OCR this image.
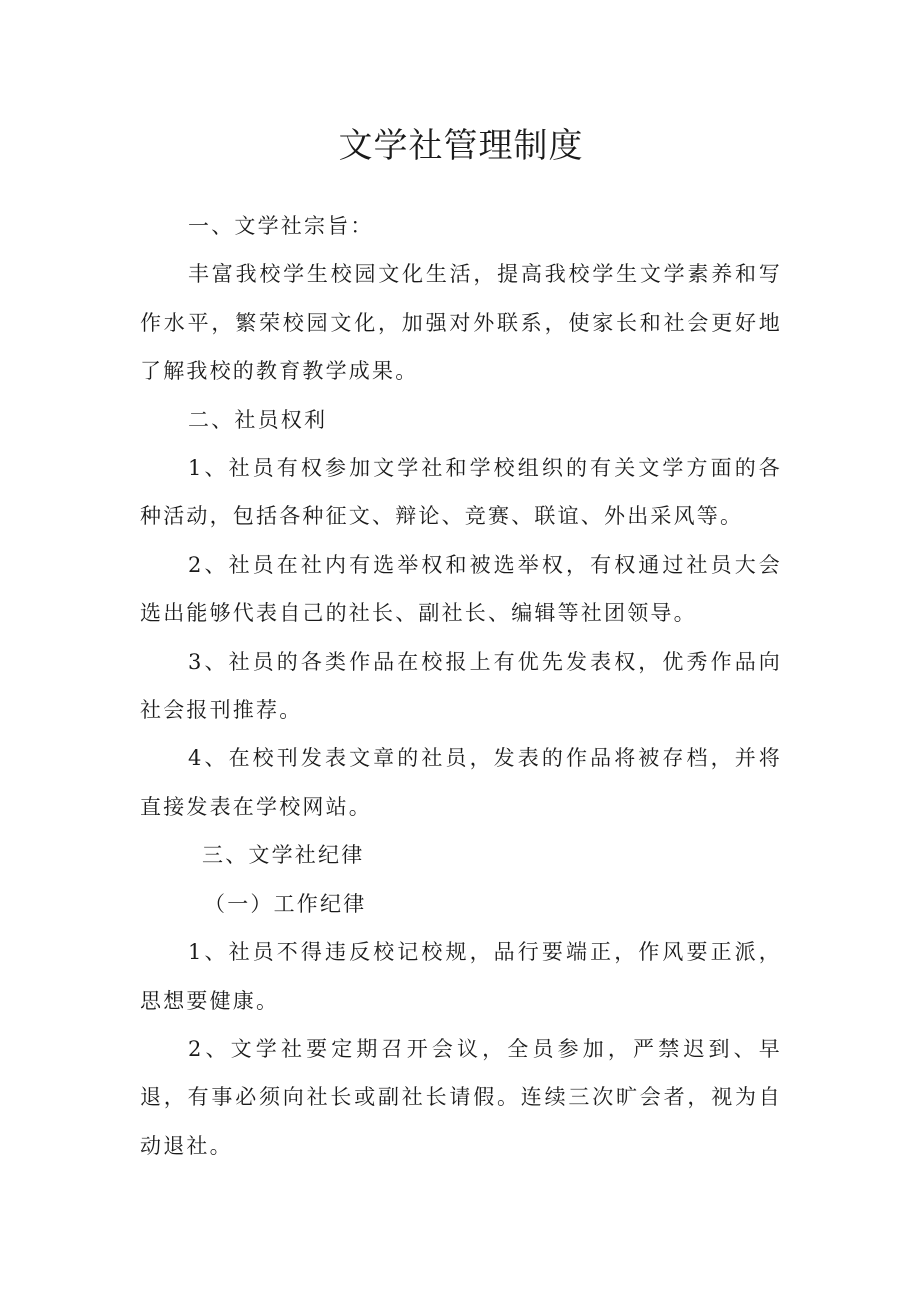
文学社管理制度

一、文学社宗旨：

丰富我校学生校园文化生活，提高我校学生文学素养和写作水平，繁荣校园文化，加强对外联系，使家长和社会更好地了解我校的教育教学成果。

二、社员权利

1、社员有权参加文学社和学校组织的有关文学方面的各种活动，包括各种征文、辩论、竞赛、联谊、外出采风等。

2、社员在社内有选举权和被选举权，有权通过社员大会选出能够代表自己的社长、副社长、编辑等社团领导。

3、社员的各类作品在校报上有优先发表权，优秀作品向社会报刊推荐。

4、在校刊发表文章的社员，发表的作品将被存档，并将直接发表在学校网站。

三、文学社纪律

（一）工作纪律

1、社员不得违反校记校规，品行要端正，作风要正派，思想要健康。

2、文学社要定期召开会议，全员参加，严禁迟到、早退，有事必须向社长或副社长请假。连续三次旷会者，视为自动退社。
